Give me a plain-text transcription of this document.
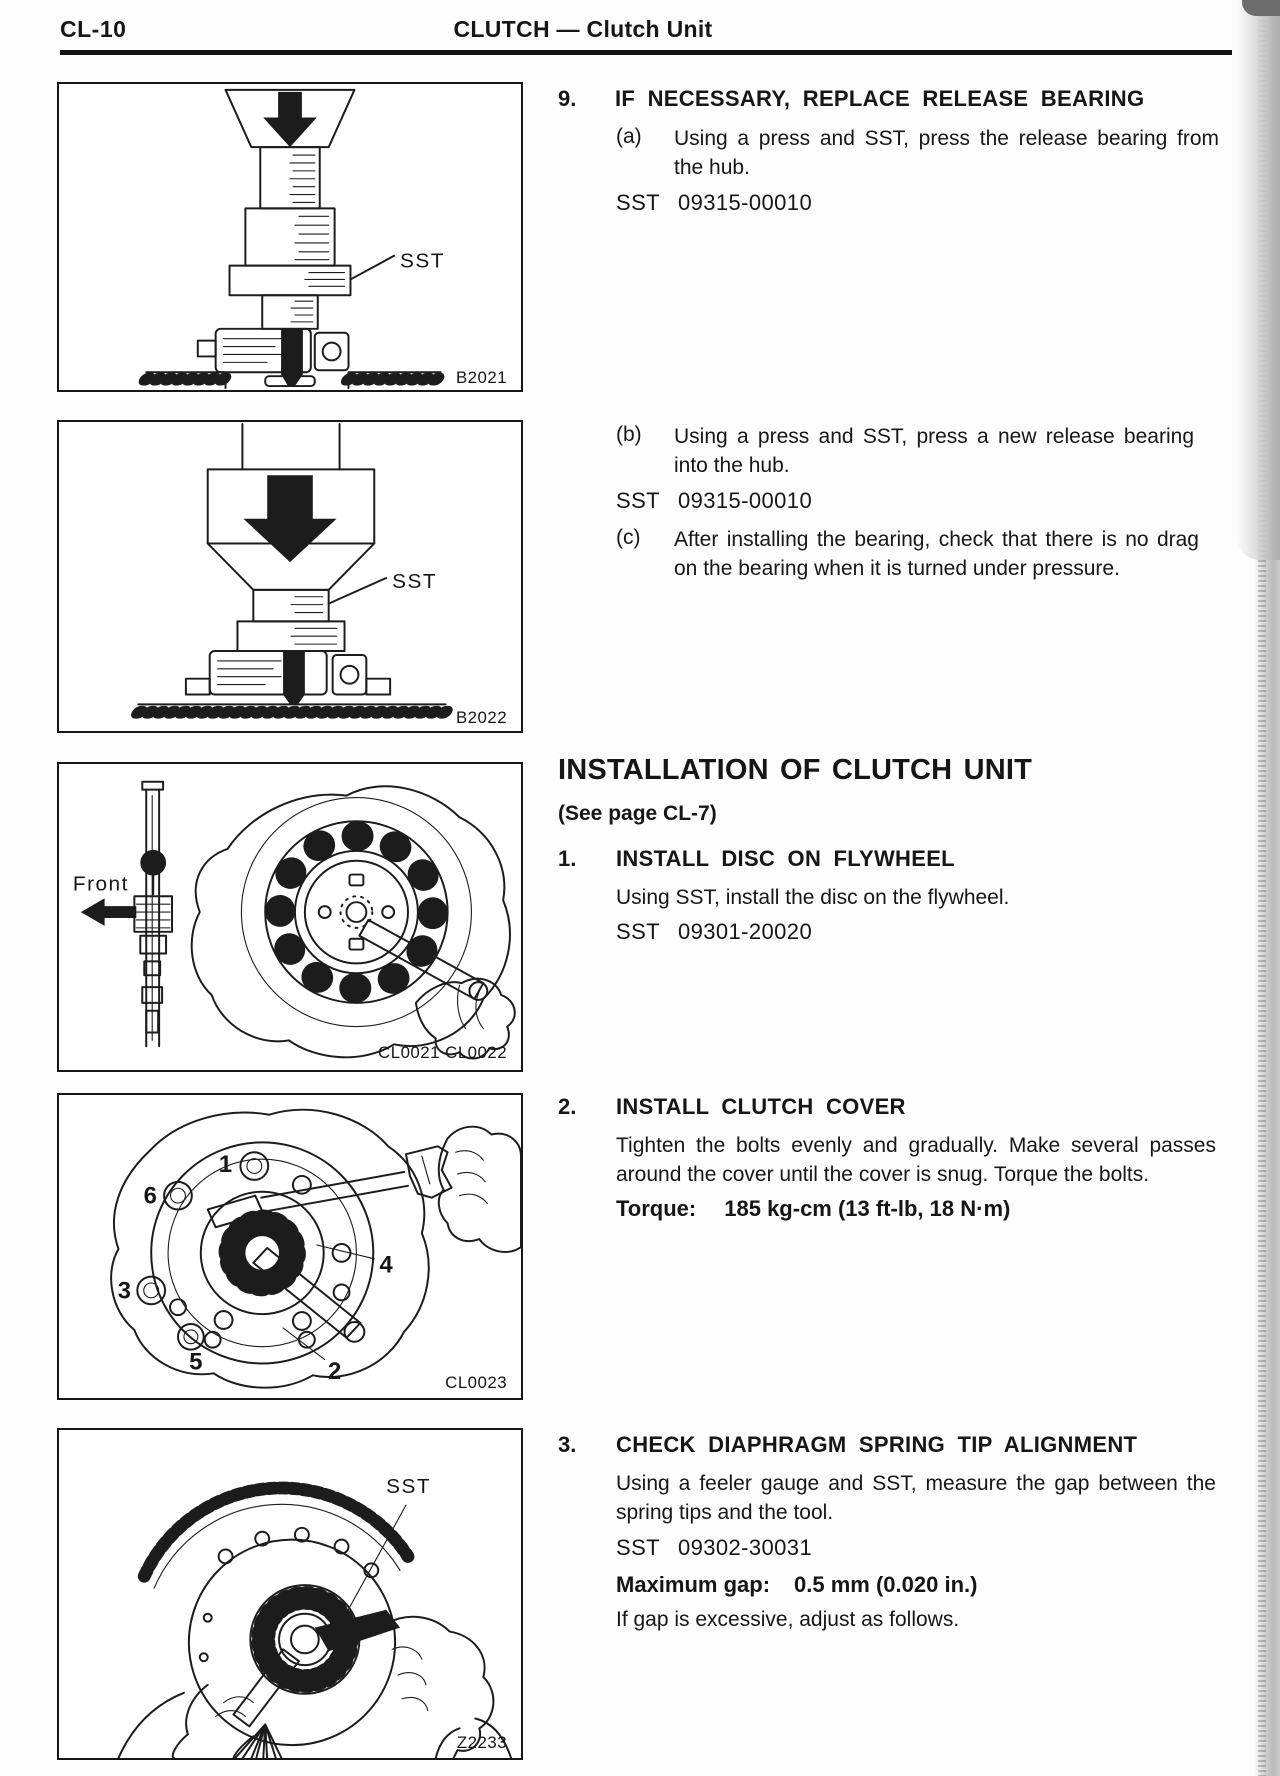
CL-10	CLUTCH — Clutch Unit
SST
B2021
SST
B2022
Front
CL0021 CL0022
1
6
3
5	2
4
CL0023
SST
Z2233
9. IF NECESSARY, REPLACE RELEASE BEARING
(a) Using a press and SST, press the release bearing from the hub.
SST 09315-00010
(b) Using a press and SST, press a new release bearing into the hub.
SST 09315-00010
(c) After installing the bearing, check that there is no drag on the bearing when it is turned under pressure.
INSTALLATION OF CLUTCH UNIT
(See page CL-7)
1. INSTALL DISC ON FLYWHEEL
Using SST, install the disc on the flywheel.
SST 09301-20020
2. INSTALL CLUTCH COVER
Tighten the bolts evenly and gradually. Make several passes around the cover until the cover is snug. Torque the bolts.
Torque: 185 kg-cm (13 ft-lb, 18 N·m)
3. CHECK DIAPHRAGM SPRING TIP ALIGNMENT
Using a feeler gauge and SST, measure the gap between the spring tips and the tool.
SST 09302-30031
Maximum gap: 0.5 mm (0.020 in.)
If gap is excessive, adjust as follows.
